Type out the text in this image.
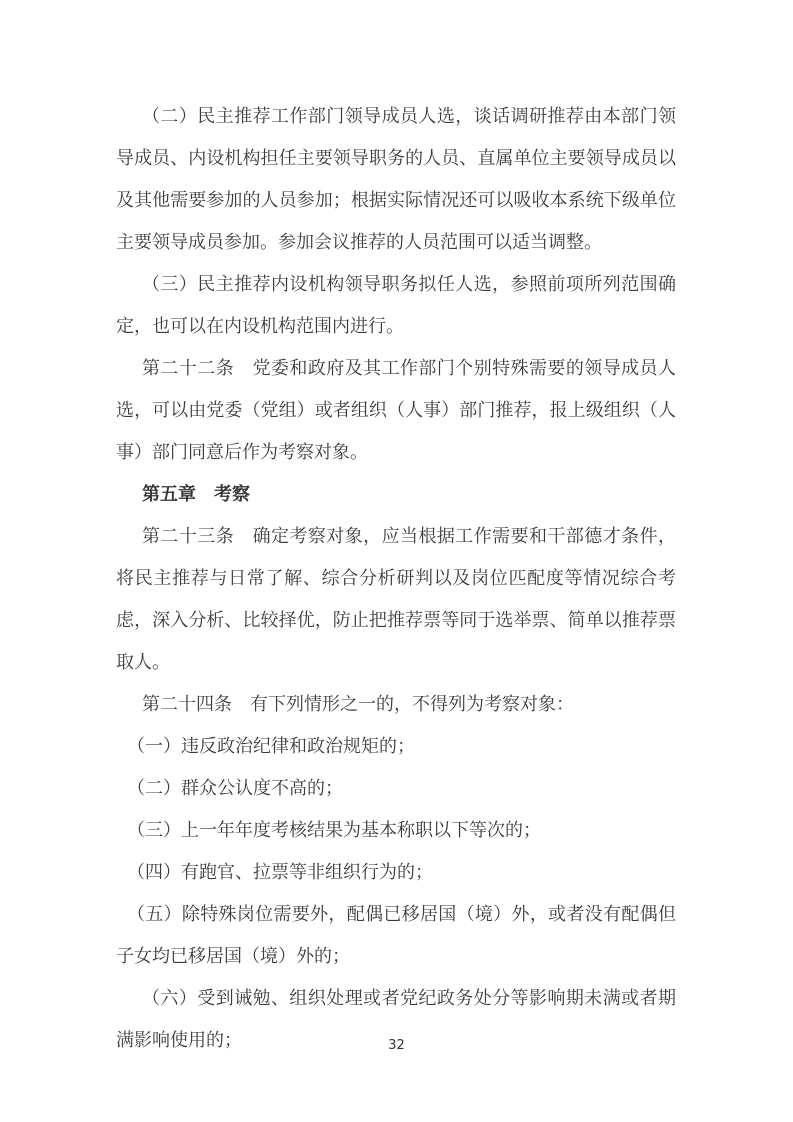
（二）民主推荐工作部门领导成员人选，谈话调研推荐由本部门领导成员、内设机构担任主要领导职务的人员、直属单位主要领导成员以及其他需要参加的人员参加；根据实际情况还可以吸收本系统下级单位主要领导成员参加。参加会议推荐的人员范围可以适当调整。

（三）民主推荐内设机构领导职务拟任人选，参照前项所列范围确定，也可以在内设机构范围内进行。

第二十二条　党委和政府及其工作部门个别特殊需要的领导成员人选，可以由党委（党组）或者组织（人事）部门推荐，报上级组织（人事）部门同意后作为考察对象。

第五章　考察

第二十三条　确定考察对象，应当根据工作需要和干部德才条件，将民主推荐与日常了解、综合分析研判以及岗位匹配度等情况综合考虑，深入分析、比较择优，防止把推荐票等同于选举票、简单以推荐票取人。

第二十四条　有下列情形之一的，不得列为考察对象：

（一）违反政治纪律和政治规矩的；

（二）群众公认度不高的；

（三）上一年年度考核结果为基本称职以下等次的；

（四）有跑官、拉票等非组织行为的；

（五）除特殊岗位需要外，配偶已移居国（境）外，或者没有配偶但子女均已移居国（境）外的；

（六）受到诫勉、组织处理或者党纪政务处分等影响期未满或者期满影响使用的；	32
